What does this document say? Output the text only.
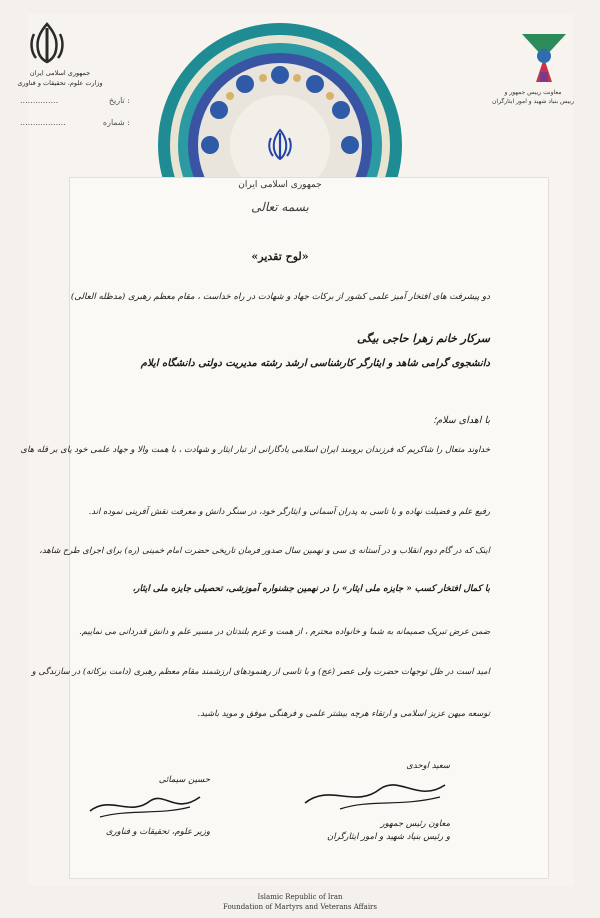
جمهوری اسلامی ایران
وزارت علوم، تحقیقات و فناوری
...............	تاریخ :
..................	شماره :
معاونت رییس جمهور و
رییس بنیاد شهید و امور ایثارگران
جمهوری اسلامی ایران
بسمه تعالی
«لوح تقدیر»
دو پیشرفت های افتخار آمیز علمی کشور از برکات جهاد و شهادت در راه خداست ، مقام معظم رهبری (مدظله العالی)
سرکار خانم زهرا حاجی بیگی
دانشجوی گرامی شاهد و ایثارگر کارشناسی ارشد رشته مدیریت دولتی دانشگاه ایلام
با اهدای سلام؛
خداوند متعال را شاکریم که فرزندان برومند ایران اسلامی یادگارانی از تبار ایثار و شهادت ، با همت والا و جهاد علمی خود پای بر قله های
رفیع علم و فضیلت نهاده و با تاسی به پدران آسمانی و ایثارگر خود، در سنگر دانش و معرفت نقش آفرینی نموده اند.
اینک که در گام دوم انقلاب و در آستانه ی سی و نهمین سال صدور فرمان تاریخی حضرت امام خمینی (ره) برای اجرای طرح شاهد،
با کمال افتخار کسب « جایزه ملی ایثار» را در نهمین جشنواره آموزشی، تحصیلی جایزه ملی ایثار،
ضمن عرض تبریک صمیمانه به شما و خانواده محترم ، از همت و عزم بلندتان در مسیر علم و دانش قدردانی می نماییم.
امید است در ظل توجهات حضرت ولی عصر (عج) و با تاسی از رهنمودهای ارزشمند مقام معظم رهبری (دامت برکاته) در سازندگی و
توسعه میهن عزیز اسلامی و ارتقاء هرچه بیشتر علمی و فرهنگی موفق و موید باشید.
حسین سیمائی
وزیر علوم، تحقیقات و فناوری
سعید اوحدی
معاون رئیس جمهور
و رئیس بنیاد شهید و امور ایثارگران
Islamic Republic of Iran
Foundation of Martyrs and Veterans Affairs
